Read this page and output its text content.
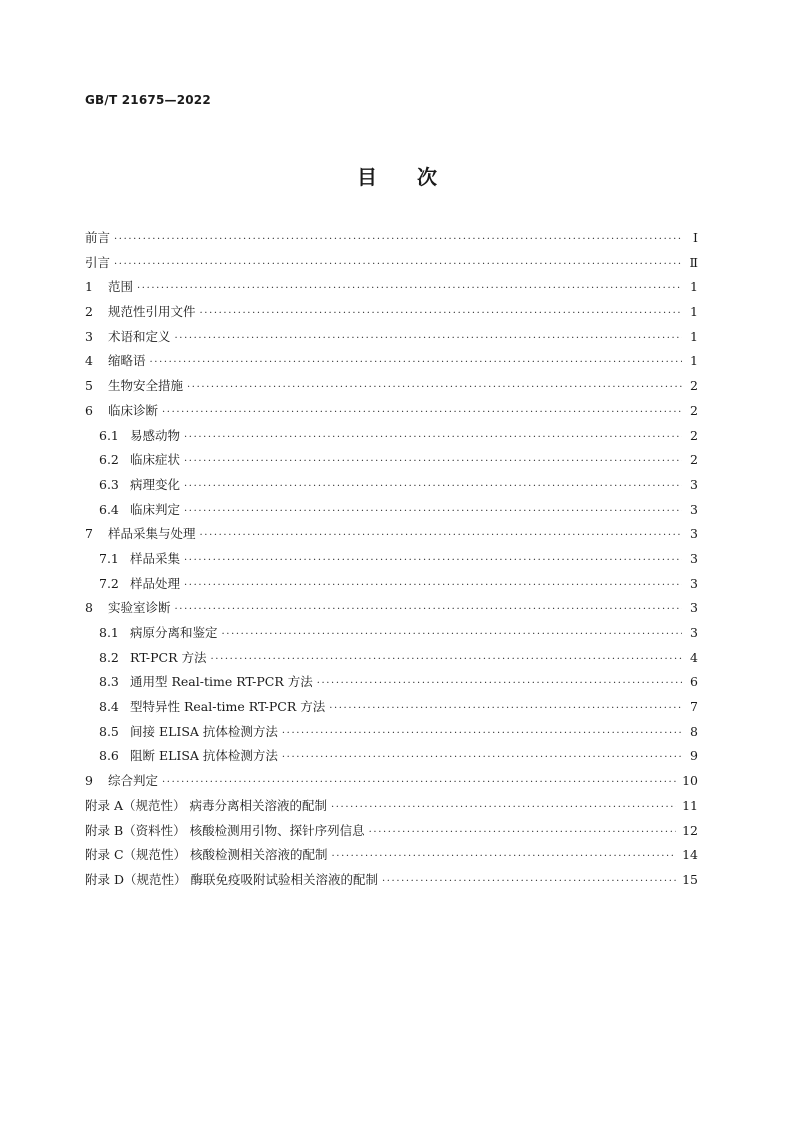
GB/T 21675—2022
目 次
前言 ·····	Ⅰ
引言 ·····	Ⅱ
1	范围 ·····	1
2	规范性引用文件 ·····	1
3	术语和定义 ·····	1
4	缩略语 ·····	1
5	生物安全措施 ·····	2
6	临床诊断 ·····	2
6.1 易感动物 ·····	2
6.2 临床症状 ·····	2
6.3 病理变化 ·····	3
6.4 临床判定 ·····	3
7	样品采集与处理 ·····	3
7.1 样品采集 ·····	3
7.2 样品处理 ·····	3
8	实验室诊断 ·····	3
8.1 病原分离和鉴定 ·····	3
8.2 RT-PCR 方法 ·····	4
8.3 通用型 Real-time RT-PCR 方法 ·····	6
8.4 型特异性 Real-time RT-PCR 方法 ·····	7
8.5 间接 ELISA 抗体检测方法 ·····	8
8.6 阻断 ELISA 抗体检测方法 ·····	9
9	综合判定 ·····	10
附录 A（规范性） 病毒分离相关溶液的配制 ·····	11
附录 B（资料性） 核酸检测用引物、探针序列信息 ·····	12
附录 C（规范性） 核酸检测相关溶液的配制 ·····	14
附录 D（规范性） 酶联免疫吸附试验相关溶液的配制 ·····	15
